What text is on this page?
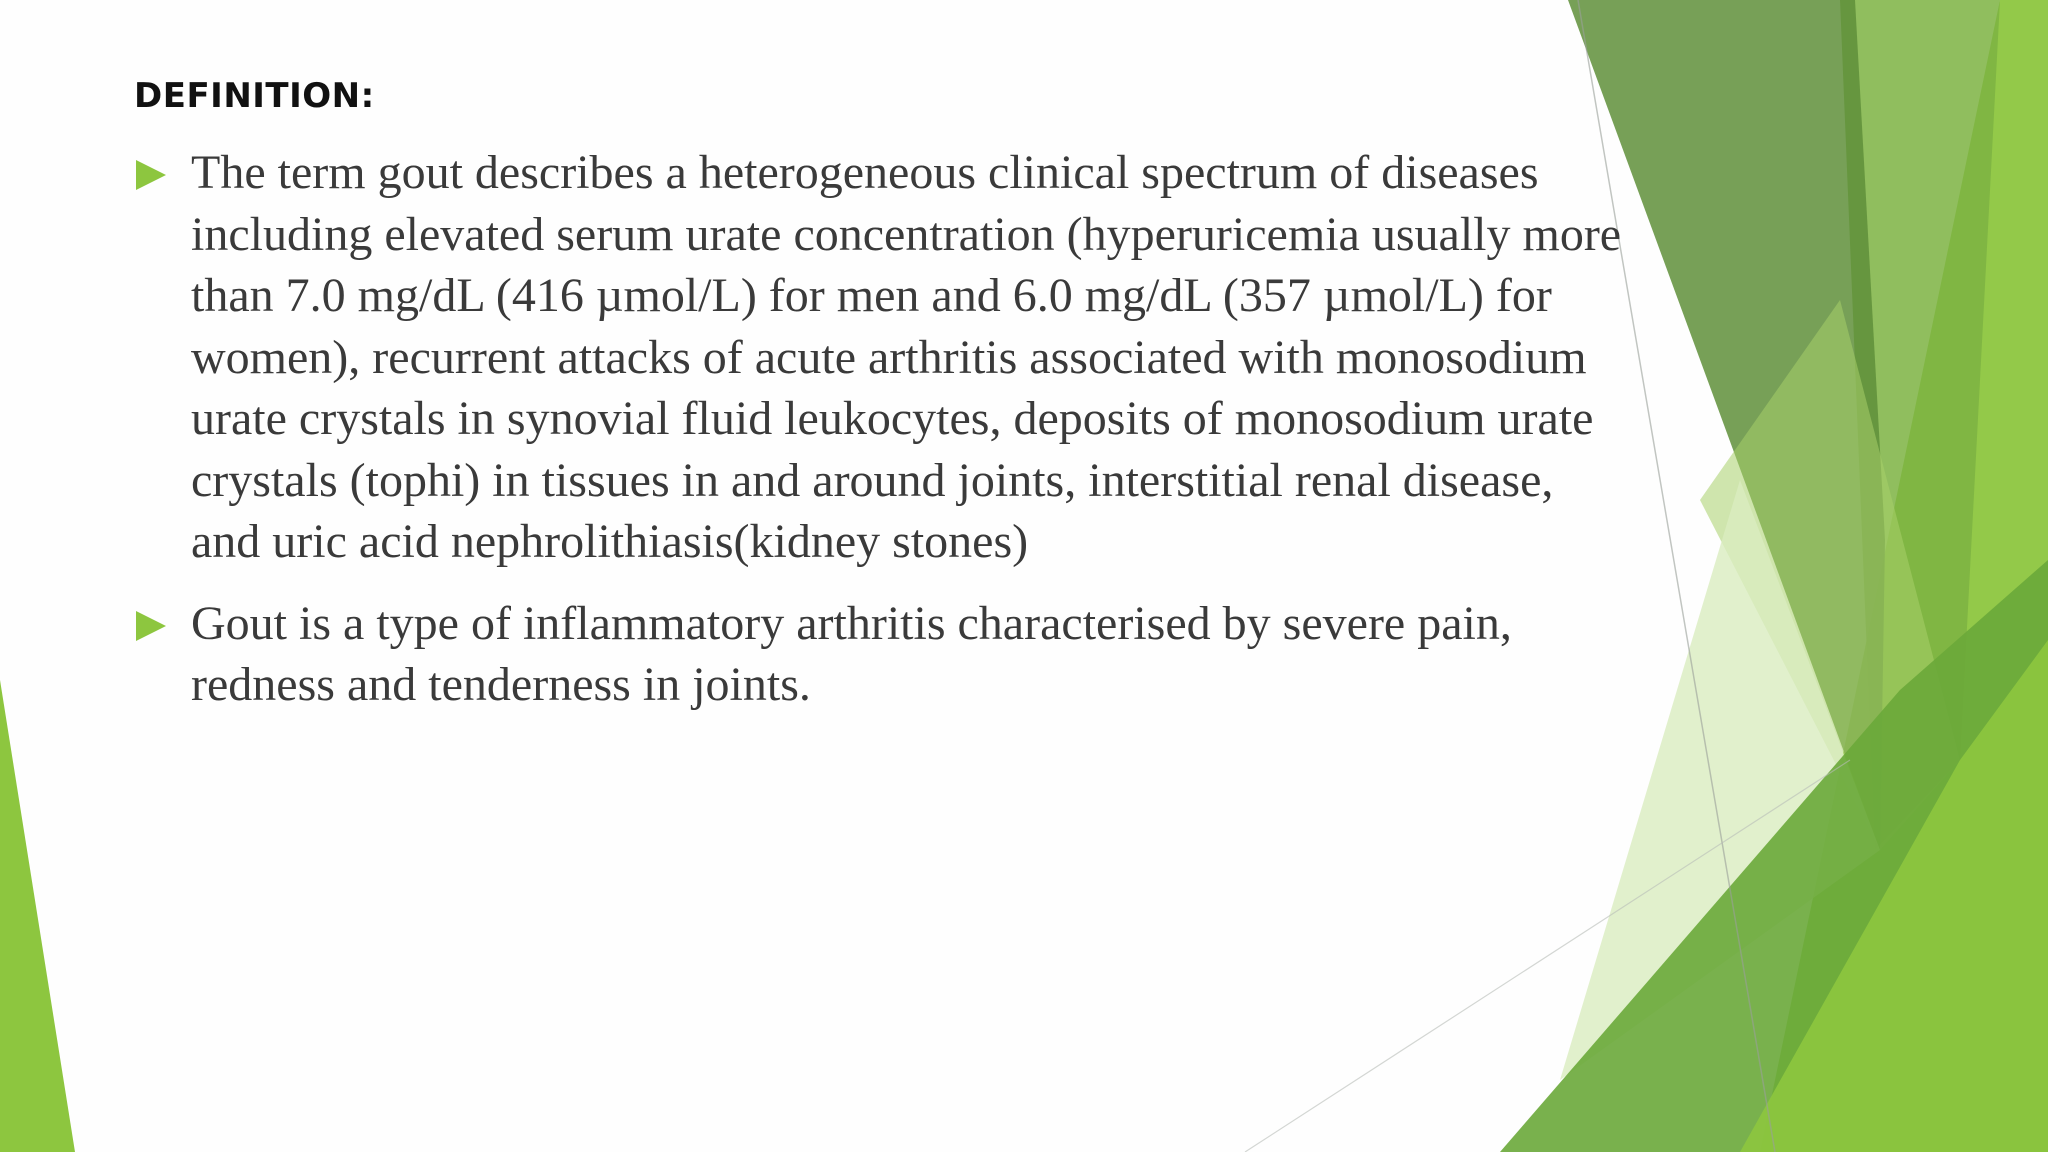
DEFINITION:
The term gout describes a heterogeneous clinical spectrum of diseases
including elevated serum urate concentration (hyperuricemia usually more
than 7.0 mg/dL (416 µmol/L) for men and 6.0 mg/dL (357 µmol/L) for
women), recurrent attacks of acute arthritis associated with monosodium
urate crystals in synovial fluid leukocytes, deposits of monosodium urate
crystals (tophi) in tissues in and around joints, interstitial renal disease,
and uric acid nephrolithiasis(kidney stones)
Gout is a type of inflammatory arthritis characterised by severe pain,
redness and tenderness in joints.
